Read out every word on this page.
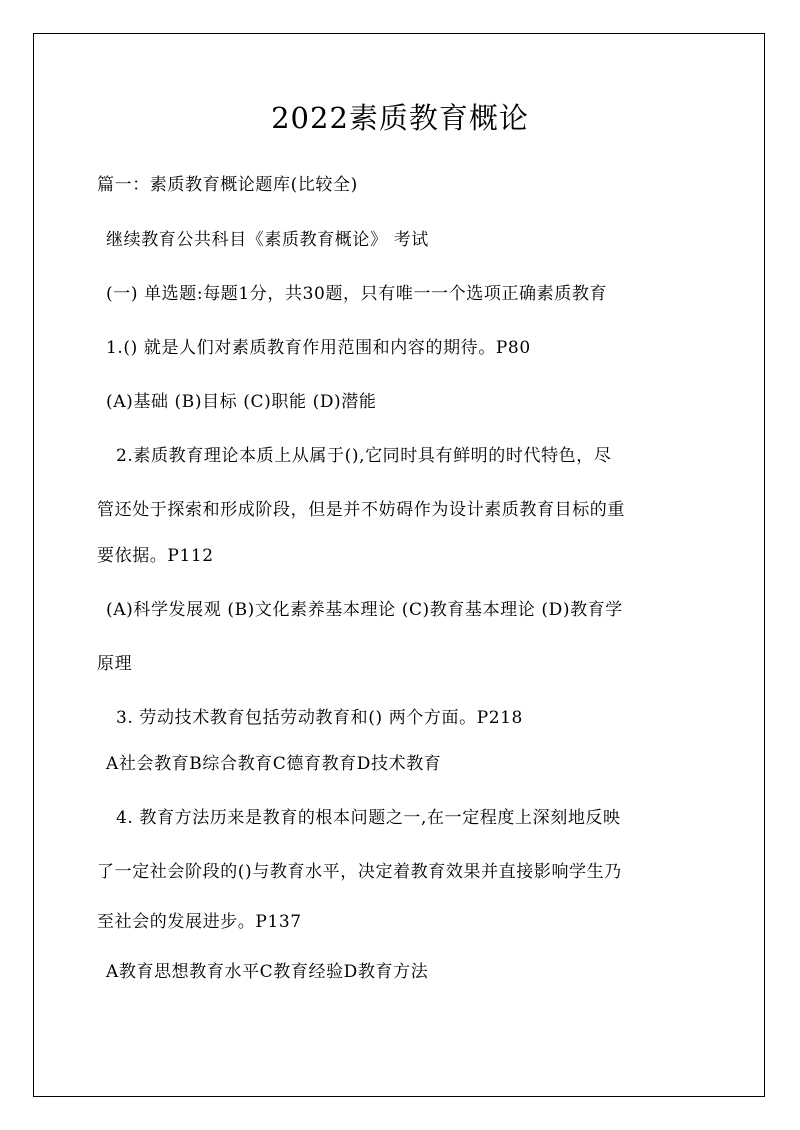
2022素质教育概论
篇一：素质教育概论题库(比较全)
继续教育公共科目《素质教育概论》 考试
(一) 单选题:每题1分，共30题，只有唯一一个选项正确素质教育
1.() 就是人们对素质教育作用范围和内容的期待。P80
(A)基础 (B)目标 (C)职能 (D)潜能
2.素质教育理论本质上从属于(),它同时具有鲜明的时代特色，尽
管还处于探索和形成阶段，但是并不妨碍作为设计素质教育目标的重
要依据。P112
(A)科学发展观 (B)文化素养基本理论 (C)教育基本理论 (D)教育学
原理
3. 劳动技术教育包括劳动教育和() 两个方面。P218
A社会教育B综合教育C德育教育D技术教育
4. 教育方法历来是教育的根本问题之一,在一定程度上深刻地反映
了一定社会阶段的()与教育水平，决定着教育效果并直接影响学生乃
至社会的发展进步。P137
A教育思想教育水平C教育经验D教育方法
